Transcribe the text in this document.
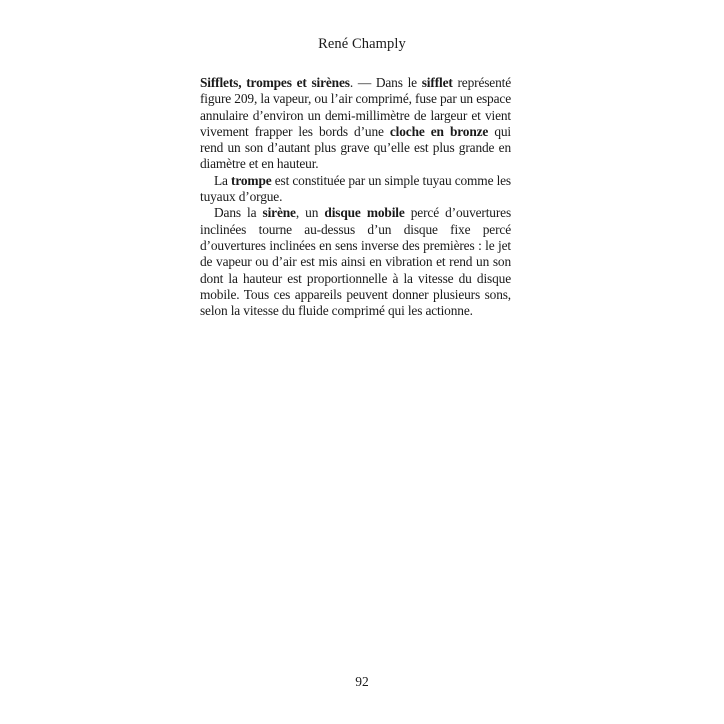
René Champly

Sifflets, trompes et sirènes. — Dans le sifflet représenté figure 209, la vapeur, ou l’air comprimé, fuse par un espace annulaire d’environ un demi-millimètre de largeur et vient vivement frapper les bords d’une cloche en bronze qui rend un son d’autant plus grave qu’elle est plus grande en diamètre et en hauteur.

La trompe est constituée par un simple tuyau comme les tuyaux d’orgue.

Dans la sirène, un disque mobile percé d’ouvertures inclinées tourne au-dessus d’un disque fixe percé d’ouvertures inclinées en sens inverse des premières : le jet de vapeur ou d’air est mis ainsi en vibration et rend un son dont la hauteur est proportionnelle à la vitesse du disque mobile. Tous ces appareils peuvent donner plusieurs sons, selon la vitesse du fluide comprimé qui les actionne.

92
